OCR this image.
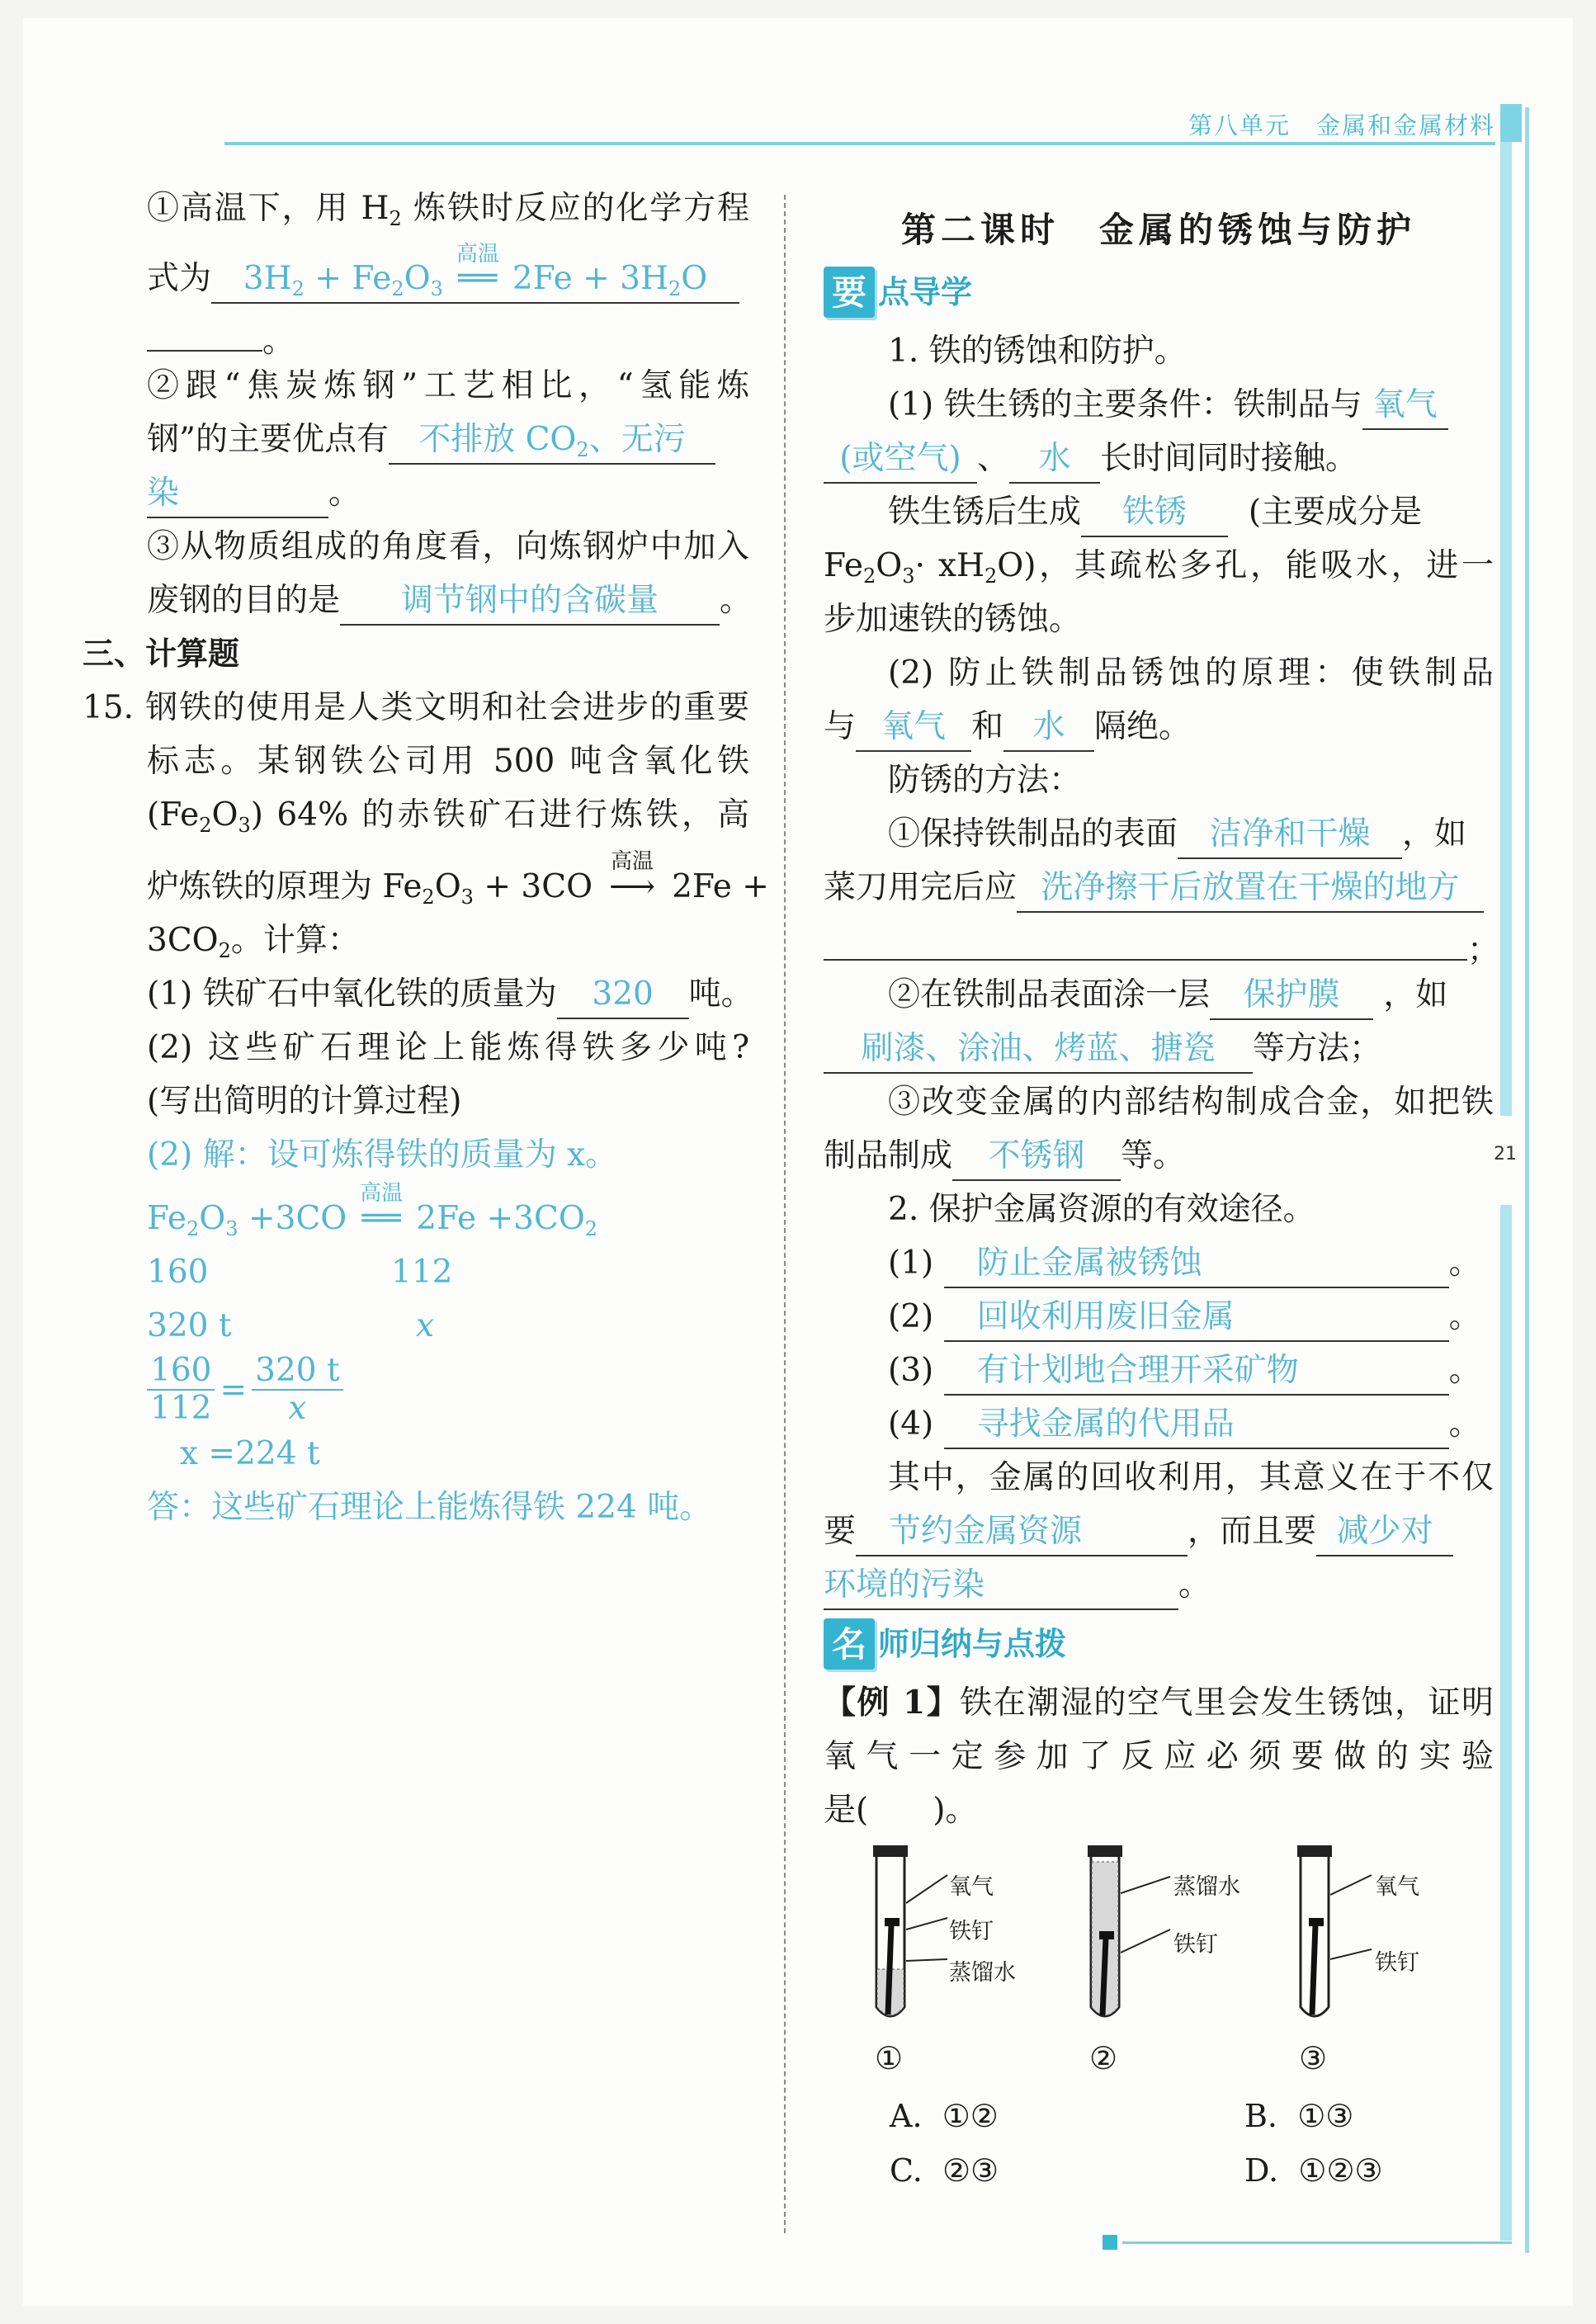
第八单元　金属和金属材料
21
①高温下，用 $H_2$ 炼铁时反应的化学方程
式为 $3H_2 + Fe_2O_3$
高温
══ $2Fe + 3H_2O$
。
②跟“焦炭炼钢”工艺相比，“氢能炼
钢”的主要优点有 不排放 $CO_2$、无污
染	。
③从物质组成的角度看，向炼钢炉中加入
废钢的目的是 调节钢中的含碳量 。
三、计算题
15. 钢铁的使用是人类文明和社会进步的重要
标志。某钢铁公司用 500 吨含氧化铁
$(Fe_2O_3)$ 64% 的赤铁矿石进行炼铁，高
炉炼铁的原理为 $Fe_2O_3 + 3CO$
高温
⟶ 2Fe +
$3CO_2$。计算：
(1) 铁矿石中氧化铁的质量为 320 吨。
(2) 这些矿石理论上能炼得铁多少吨?
(写出简明的计算过程)
(2) 解：设可炼得铁的质量为 x。
$Fe_2O_3 +3CO$
高温
══ $2Fe +3CO_2$
160	112
320 t	x
$\frac{160}{112} = \frac{320 t}{x}$
x =224 t
答：这些矿石理论上能炼得铁 224 吨。
第二课时　金属的锈蚀与防护
要 点导学
1. 铁的锈蚀和防护。
(1) 铁生锈的主要条件：铁制品与 氧气
(或空气) 、 水 长时间同时接触。
铁生锈后生成 铁锈 (主要成分是
$Fe_2O_3\cdot xH_2O$)，其疏松多孔，能吸水，进一
步加速铁的锈蚀。
(2) 防止铁制品锈蚀的原理：使铁制品
与 氧气 和 水 隔绝。
防锈的方法：
①保持铁制品的表面 洁净和干燥 ，如
菜刀用完后应 洗净擦干后放置在干燥的地方
；
②在铁制品表面涂一层 保护膜 ，如
刷漆、涂油、烤蓝、搪瓷 等方法；
③改变金属的内部结构制成合金，如把铁
制品制成 不锈钢 等。
2. 保护金属资源的有效途径。
(1) 防止金属被锈蚀	。
(2) 回收利用废旧金属	。
(3) 有计划地合理开采矿物	。
(4) 寻找金属的代用品	。
其中，金属的回收利用，其意义在于不仅
要 节约金属资源	，而且要 减少对
环境的污染	。
名 师归纳与点拨
【例 1】铁在潮湿的空气里会发生锈蚀，证明
氧气一定参加了反应必须要做的实验
是(　　)。
氧气
铁钉
蒸馏水
①
蒸馏水
铁钉
②
氧气
铁钉
③
A. ①②	B. ①③
C. ②③	D. ①②③
